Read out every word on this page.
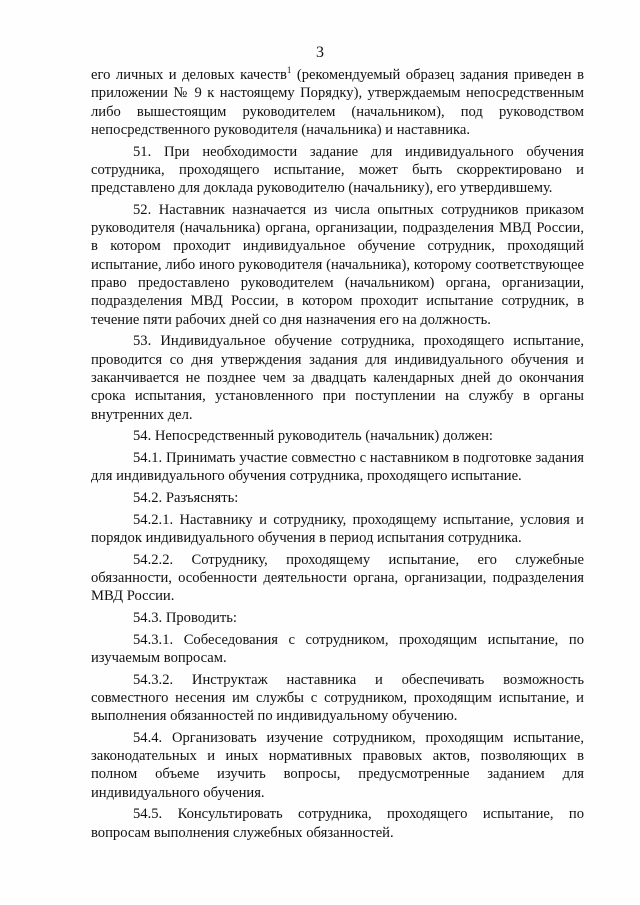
3

его личных и деловых качеств$^1$ (рекомендуемый образец задания приведен в приложении № 9 к настоящему Порядку), утверждаемым непосредственным либо вышестоящим руководителем (начальником), под руководством непосредственного руководителя (начальника) и наставника.

51. При необходимости задание для индивидуального обучения сотрудника, проходящего испытание, может быть скорректировано и представлено для доклада руководителю (начальнику), его утвердившему.

52. Наставник назначается из числа опытных сотрудников приказом руководителя (начальника) органа, организации, подразделения МВД России, в котором проходит индивидуальное обучение сотрудник, проходящий испытание, либо иного руководителя (начальника), которому соответствующее право предоставлено руководителем (начальником) органа, организации, подразделения МВД России, в котором проходит испытание сотрудник, в течение пяти рабочих дней со дня назначения его на должность.

53. Индивидуальное обучение сотрудника, проходящего испытание, проводится со дня утверждения задания для индивидуального обучения и заканчивается не позднее чем за двадцать календарных дней до окончания срока испытания, установленного при поступлении на службу в органы внутренних дел.

54. Непосредственный руководитель (начальник) должен:

54.1. Принимать участие совместно с наставником в подготовке задания для индивидуального обучения сотрудника, проходящего испытание.

54.2. Разъяснять:

54.2.1. Наставнику и сотруднику, проходящему испытание, условия и порядок индивидуального обучения в период испытания сотрудника.

54.2.2. Сотруднику, проходящему испытание, его служебные обязанности, особенности деятельности органа, организации, подразделения МВД России.

54.3. Проводить:

54.3.1. Собеседования с сотрудником, проходящим испытание, по изучаемым вопросам.

54.3.2. Инструктаж наставника и обеспечивать возможность совместного несения им службы с сотрудником, проходящим испытание, и выполнения обязанностей по индивидуальному обучению.

54.4. Организовать изучение сотрудником, проходящим испытание, законодательных и иных нормативных правовых актов, позволяющих в полном объеме изучить вопросы, предусмотренные заданием для индивидуального обучения.

54.5. Консультировать сотрудника, проходящего испытание, по вопросам выполнения служебных обязанностей.
